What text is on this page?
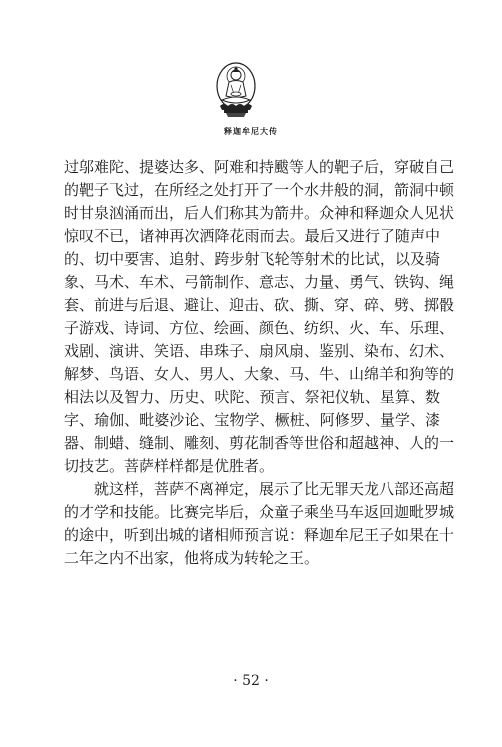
释迦牟尼大传
过邬难陀、提婆达多、阿难和持颰等人的靶子后，穿破自己
的靶子飞过，在所经之处打开了一个水井般的洞，箭洞中顿
时甘泉汹涌而出，后人们称其为箭井。众神和释迦众人见状
惊叹不已，诸神再次洒降花雨而去。最后又进行了随声中
的、切中要害、追射、跨步射飞轮等射术的比试，以及骑
象、马术、车术、弓箭制作、意志、力量、勇气、铁钩、绳
套、前进与后退、避让、迎击、砍、撕、穿、碎、劈、掷骰
子游戏、诗词、方位、绘画、颜色、纺织、火、车、乐理、
戏剧、演讲、笑语、串珠子、扇风扇、鉴别、染布、幻术、
解梦、鸟语、女人、男人、大象、马、牛、山绵羊和狗等的
相法以及智力、历史、吠陀、预言、祭祀仪轨、星算、数
字、瑜伽、毗婆沙论、宝物学、橛桩、阿修罗、量学、漆
器、制蜡、缝制、雕刻、剪花制香等世俗和超越神、人的一
切技艺。菩萨样样都是优胜者。
就这样，菩萨不离禅定，展示了比无罪天龙八部还高超
的才学和技能。比赛完毕后，众童子乘坐马车返回迦毗罗城
的途中，听到出城的诸相师预言说：释迦牟尼王子如果在十
二年之内不出家，他将成为转轮之王。
· 52 ·
